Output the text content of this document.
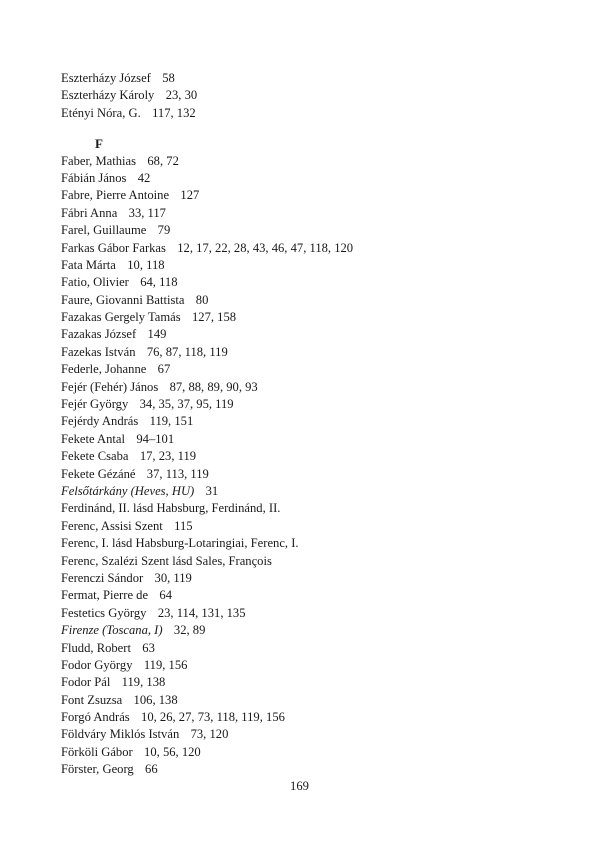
Eszterházy József 58
Eszterházy Károly 23, 30
Etényi Nóra, G. 117, 132
F
Faber, Mathias 68, 72
Fábián János 42
Fabre, Pierre Antoine 127
Fábri Anna 33, 117
Farel, Guillaume 79
Farkas Gábor Farkas 12, 17, 22, 28, 43, 46, 47, 118, 120
Fata Márta 10, 118
Fatio, Olivier 64, 118
Faure, Giovanni Battista 80
Fazakas Gergely Tamás 127, 158
Fazakas József 149
Fazekas István 76, 87, 118, 119
Federle, Johanne 67
Fejér (Fehér) János 87, 88, 89, 90, 93
Fejér György 34, 35, 37, 95, 119
Fejérdy András 119, 151
Fekete Antal 94–101
Fekete Csaba 17, 23, 119
Fekete Gézáné 37, 113, 119
Felsőtárkány (Heves, HU) 31
Ferdinánd, II. lásd Habsburg, Ferdinánd, II.
Ferenc, Assisi Szent 115
Ferenc, I. lásd Habsburg-Lotaringiai, Ferenc, I.
Ferenc, Szalézi Szent lásd Sales, François
Ferenczi Sándor 30, 119
Fermat, Pierre de 64
Festetics György 23, 114, 131, 135
Firenze (Toscana, I) 32, 89
Fludd, Robert 63
Fodor György 119, 156
Fodor Pál 119, 138
Font Zsuzsa 106, 138
Forgó András 10, 26, 27, 73, 118, 119, 156
Földváry Miklós István 73, 120
Förköli Gábor 10, 56, 120
Förster, Georg 66
169
